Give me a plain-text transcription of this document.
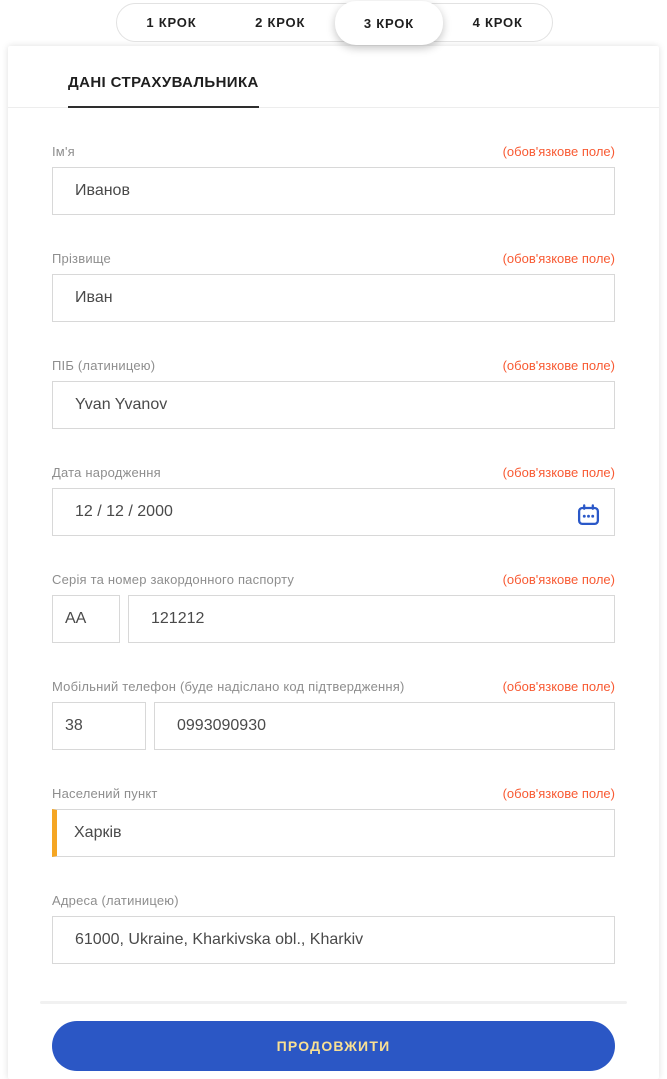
1 КРОК	2 КРОК	3 КРОК	4 КРОК
ДАНІ СТРАХУВАЛЬНИКА
Ім'я	(обов'язкове поле)
Иванов
Прізвище	(обов'язкове поле)
Иван
ПІБ (латиницею)	(обов'язкове поле)
Yvan Yvanov
Дата народження	(обов'язкове поле)
12 / 12 / 2000
Серія та номер закордонного паспорту	(обов'язкове поле)
AA
121212
Мобільний телефон (буде надіслано код підтвердження)	(обов'язкове поле)
38
0993090930
Населений пункт	(обов'язкове поле)
Харків
Адреса (латиницею)
61000, Ukraine, Kharkivska obl., Kharkiv
ПРОДОВЖИТИ
